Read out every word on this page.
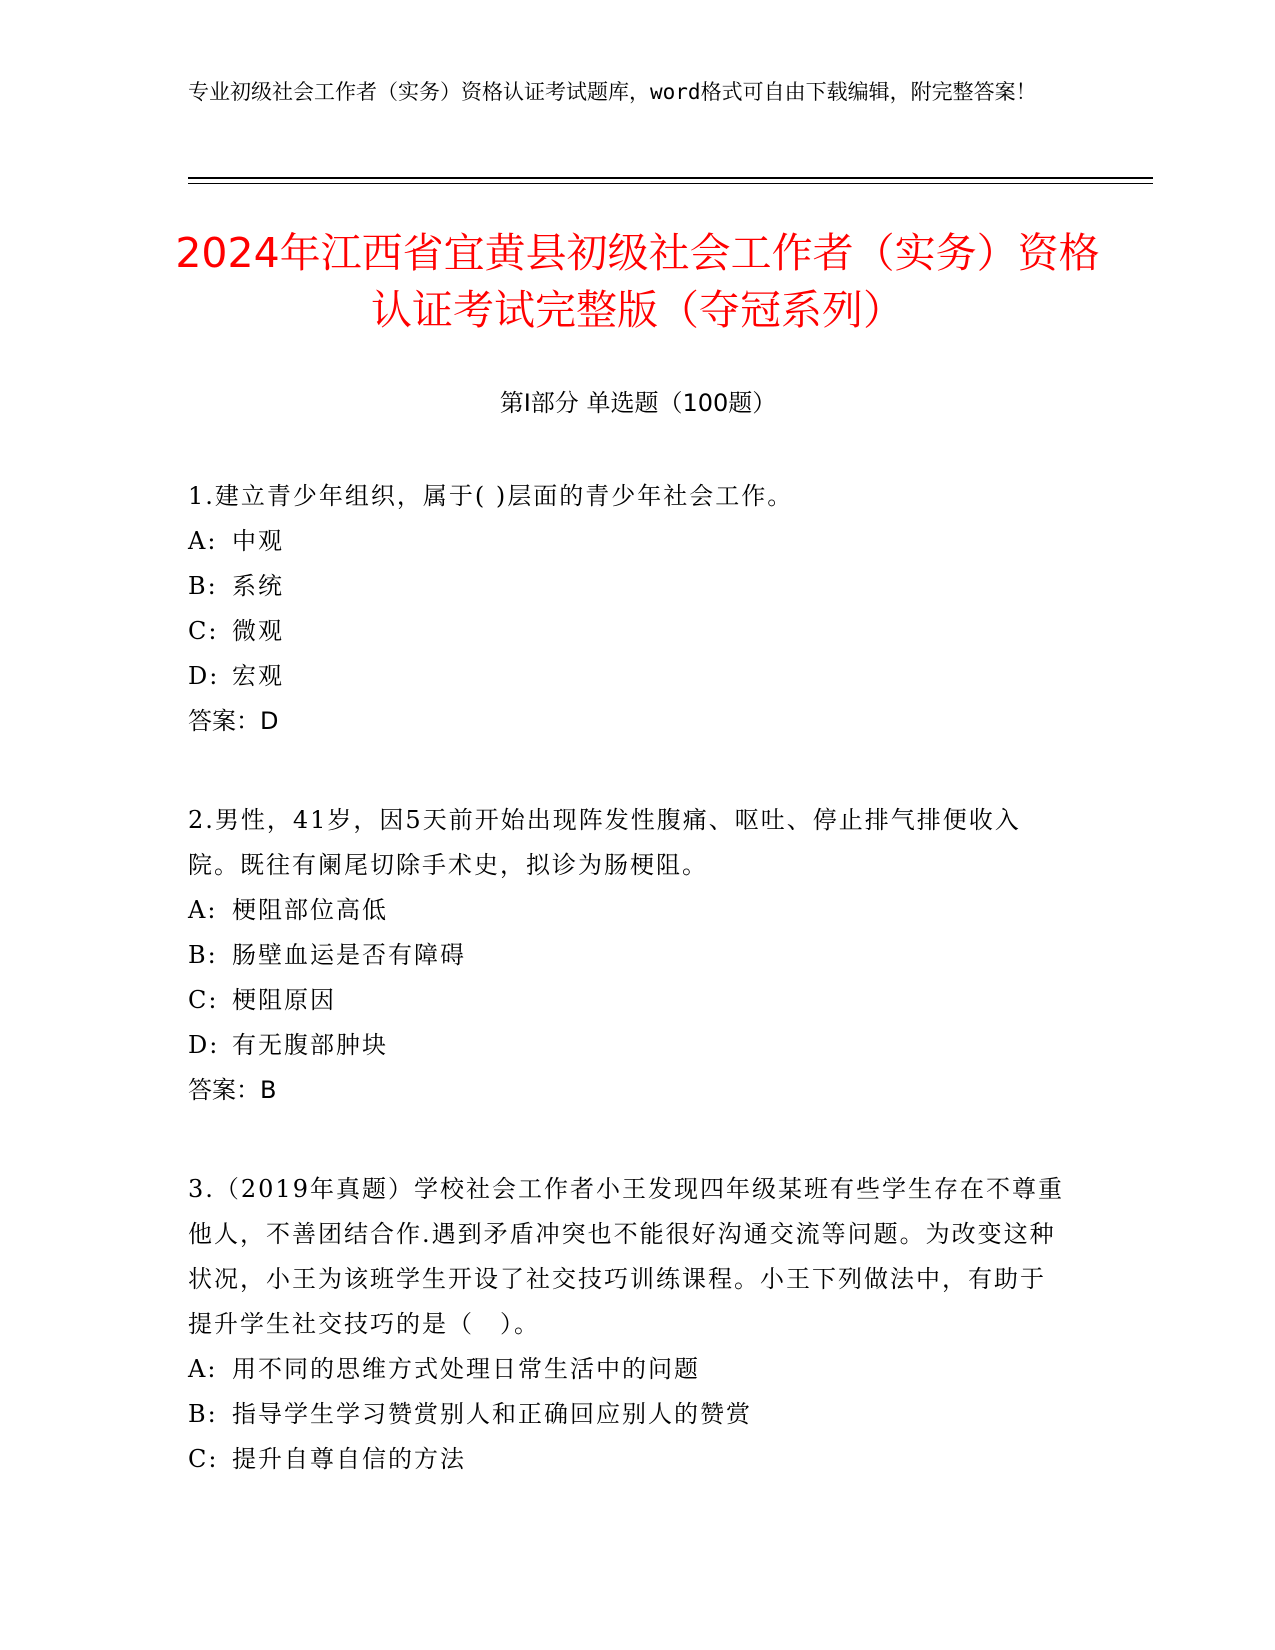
专业初级社会工作者（实务）资格认证考试题库，word格式可自由下载编辑，附完整答案！
2024年江西省宜黄县初级社会工作者（实务）资格认证考试完整版（夺冠系列）
第I部分 单选题（100题）
1.建立青少年组织，属于( )层面的青少年社会工作。
A: 中观
B: 系统
C: 微观
D: 宏观
答案：D
2.男性，41岁，因5天前开始出现阵发性腹痛、呕吐、停止排气排便收入院。既往有阑尾切除手术史，拟诊为肠梗阻。
A: 梗阻部位高低
B: 肠壁血运是否有障碍
C: 梗阻原因
D: 有无腹部肿块
答案：B
3.（2019年真题）学校社会工作者小王发现四年级某班有些学生存在不尊重他人，不善团结合作.遇到矛盾冲突也不能很好沟通交流等问题。为改变这种状况，小王为该班学生开设了社交技巧训练课程。小王下列做法中，有助于提升学生社交技巧的是（　）。
A: 用不同的思维方式处理日常生活中的问题
B: 指导学生学习赞赏别人和正确回应别人的赞赏
C: 提升自尊自信的方法
